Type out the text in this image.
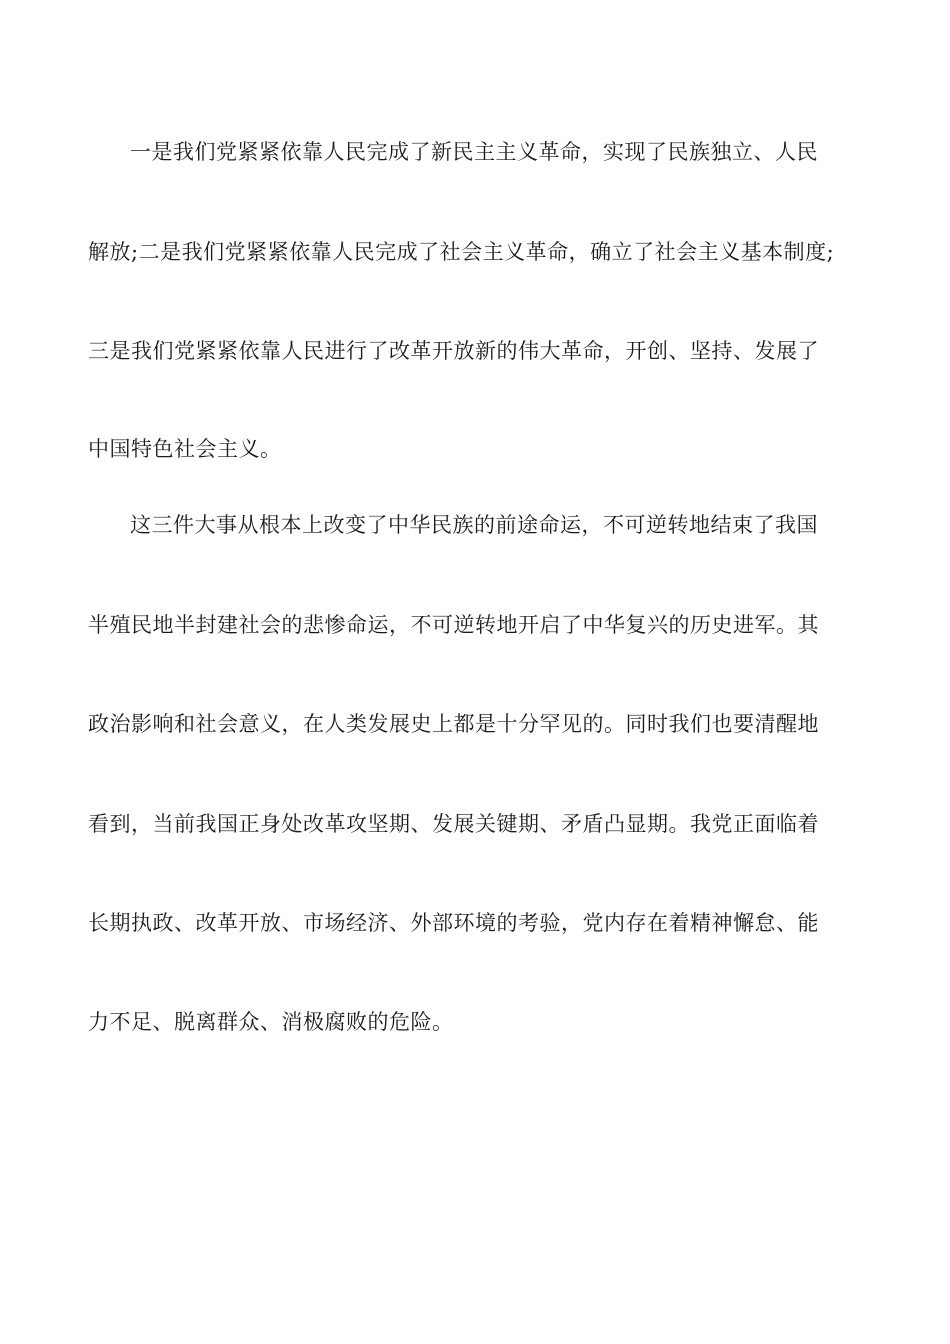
一是我们党紧紧依靠人民完成了新民主主义革命，实现了民族独立、人民
解放;二是我们党紧紧依靠人民完成了社会主义革命，确立了社会主义基本制度;
三是我们党紧紧依靠人民进行了改革开放新的伟大革命，开创、坚持、发展了
中国特色社会主义。
这三件大事从根本上改变了中华民族的前途命运，不可逆转地结束了我国
半殖民地半封建社会的悲惨命运，不可逆转地开启了中华复兴的历史进军。其
政治影响和社会意义，在人类发展史上都是十分罕见的。同时我们也要清醒地
看到，当前我国正身处改革攻坚期、发展关键期、矛盾凸显期。我党正面临着
长期执政、改革开放、市场经济、外部环境的考验，党内存在着精神懈怠、能
力不足、脱离群众、消极腐败的危险。
